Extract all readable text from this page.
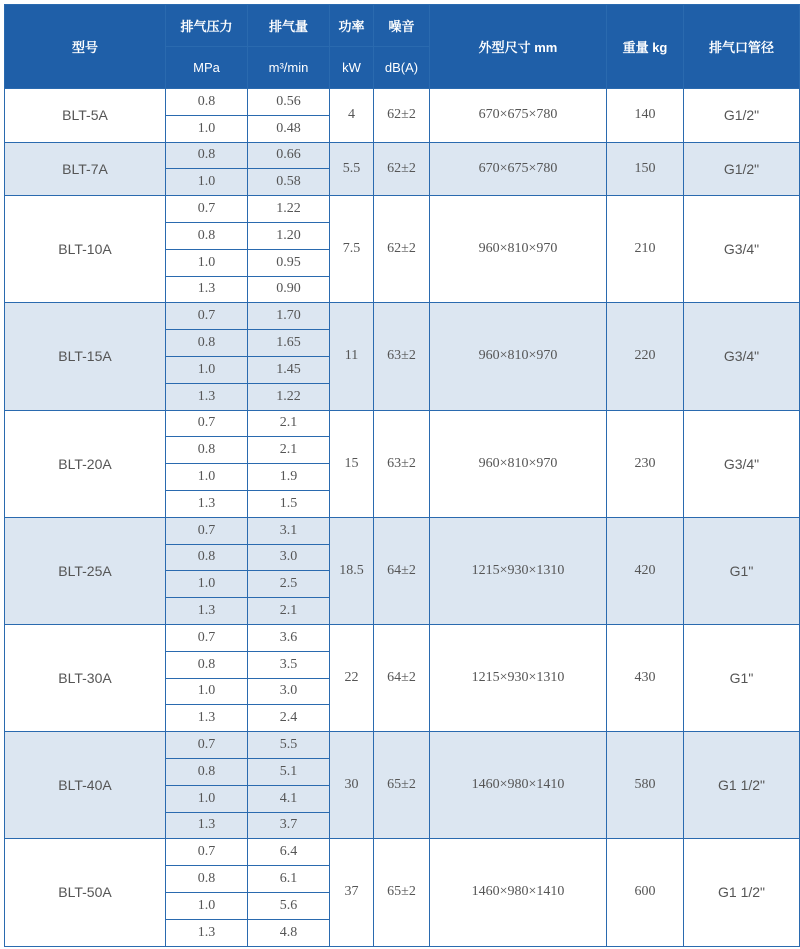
型号	排气压力	排气量	功率	噪音	外型尺寸 mm	重量 kg	排气口管径
	MPa	m³/min	kW	dB(A)			
BLT-5A	0.8	0.56	4	62±2	670×675×780	140	G1/2"
	1.0	0.48					
BLT-7A	0.8	0.66	5.5	62±2	670×675×780	150	G1/2"
	1.0	0.58					
BLT-10A	0.7	1.22	7.5	62±2	960×810×970	210	G3/4"
	0.8	1.20					
	1.0	0.95					
	1.3	0.90					
BLT-15A	0.7	1.70	11	63±2	960×810×970	220	G3/4"
	0.8	1.65					
	1.0	1.45					
	1.3	1.22					
BLT-20A	0.7	2.1	15	63±2	960×810×970	230	G3/4"
	0.8	2.1					
	1.0	1.9					
	1.3	1.5					
BLT-25A	0.7	3.1	18.5	64±2	1215×930×1310	420	G1"
	0.8	3.0					
	1.0	2.5					
	1.3	2.1					
BLT-30A	0.7	3.6	22	64±2	1215×930×1310	430	G1"
	0.8	3.5					
	1.0	3.0					
	1.3	2.4					
BLT-40A	0.7	5.5	30	65±2	1460×980×1410	580	G1 1/2"
	0.8	5.1					
	1.0	4.1					
	1.3	3.7					
BLT-50A	0.7	6.4	37	65±2	1460×980×1410	600	G1 1/2"
	0.8	6.1					
	1.0	5.6					
	1.3	4.8					
